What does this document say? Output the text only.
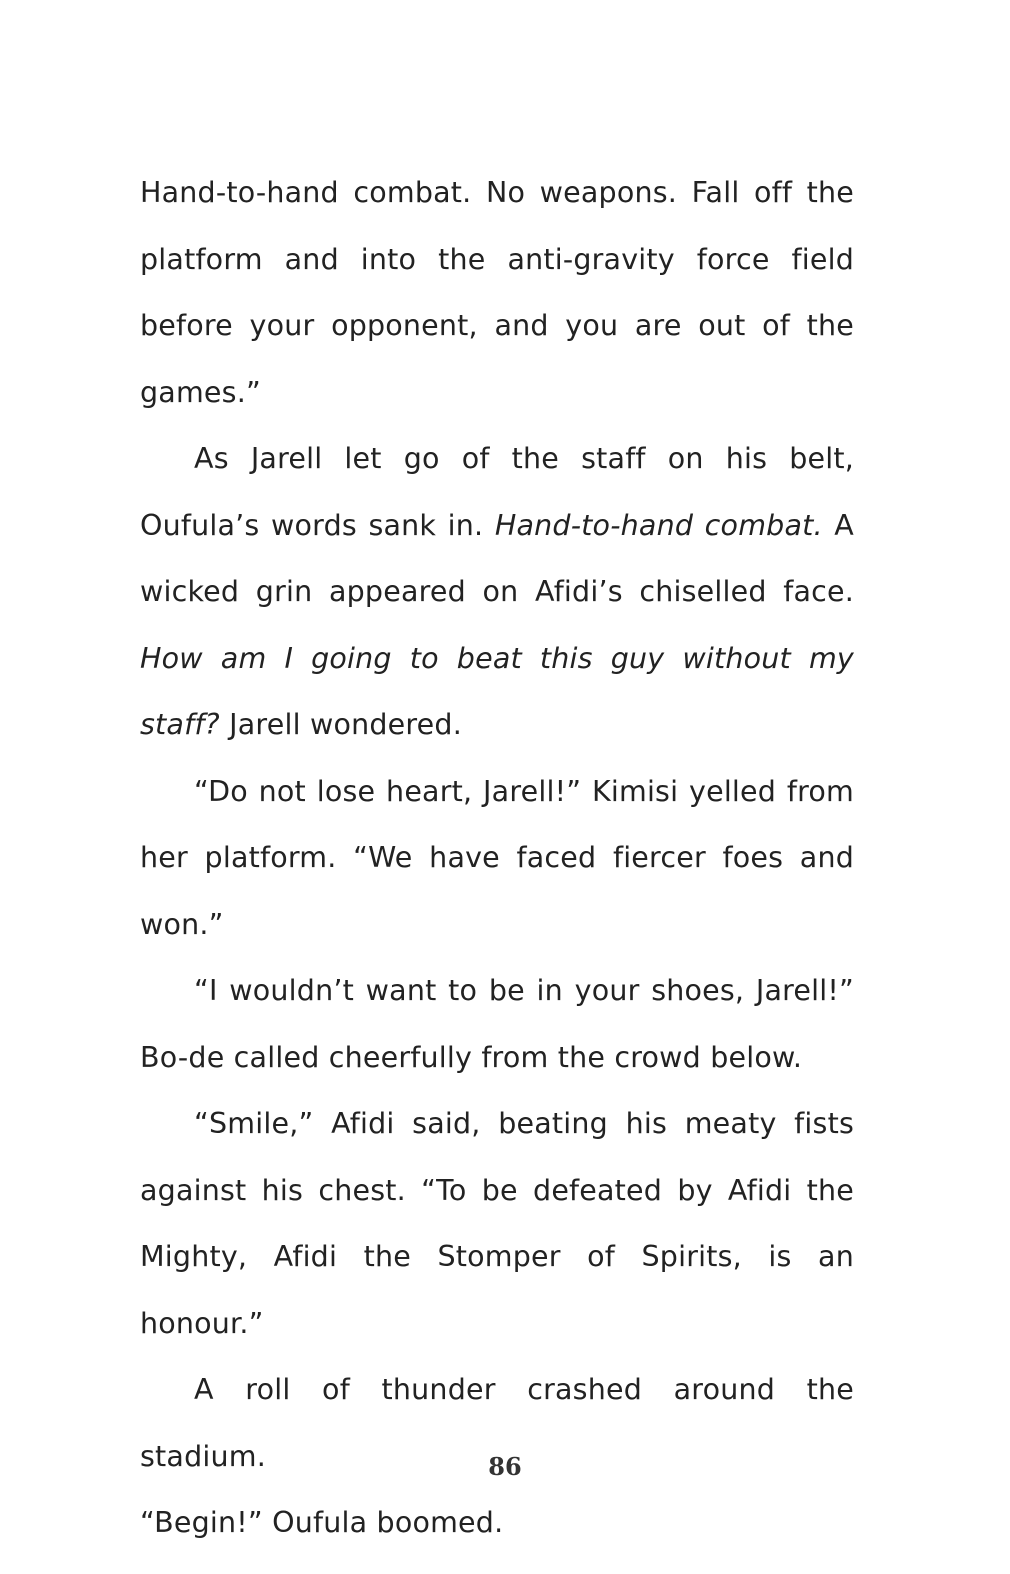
Hand-to-hand combat. No weapons. Fall off the platform and into the anti-gravity force field before your opponent, and you are out of the games.”

As Jarell let go of the staff on his belt, Oufula’s words sank in. Hand-to-hand combat. A wicked grin appeared on Afidi’s chiselled face. How am I going to beat this guy without my staff? Jarell wondered.

“Do not lose heart, Jarell!” Kimisi yelled from her platform. “We have faced fiercer foes and won.”

“I wouldn’t want to be in your shoes, Jarell!” Bo-de called cheerfully from the crowd below.

“Smile,” Afidi said, beating his meaty fists against his chest. “To be defeated by Afidi the Mighty, Afidi the Stomper of Spirits, is an honour.”

A roll of thunder crashed around the stadium.

“Begin!” Oufula boomed.

86
